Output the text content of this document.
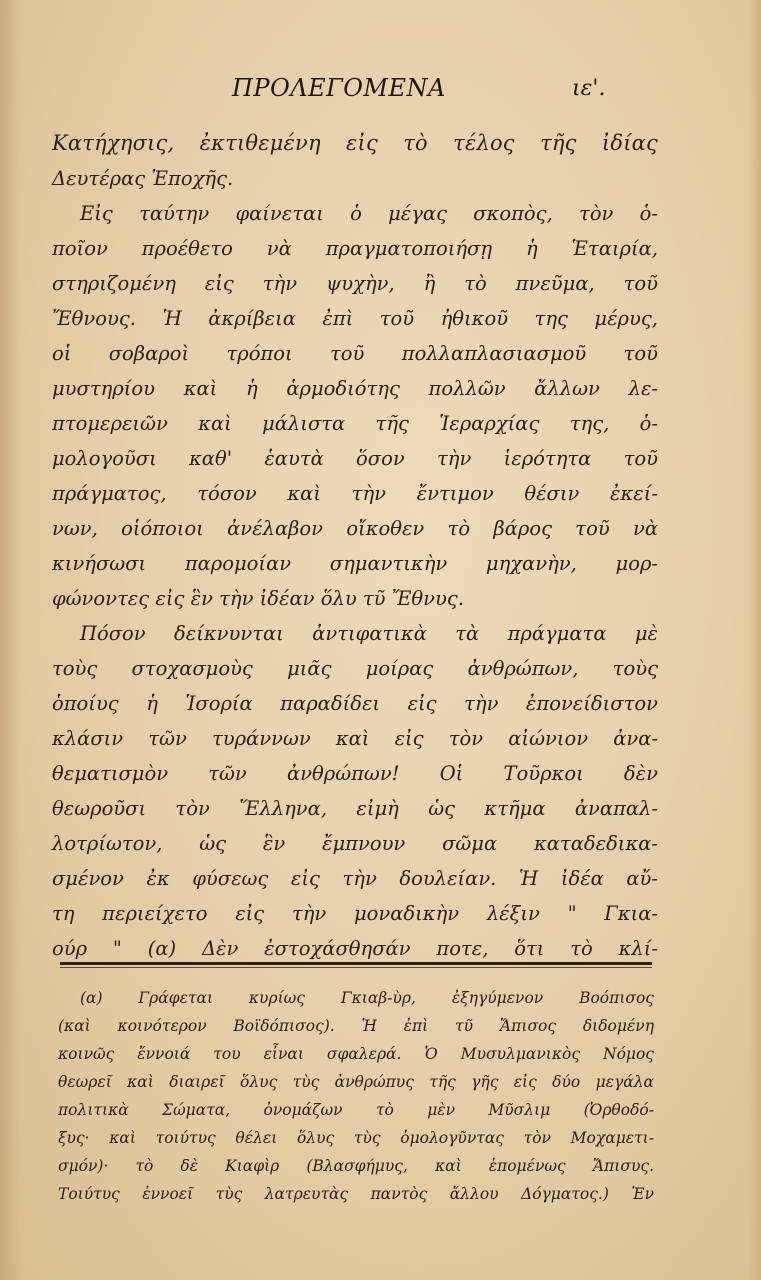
ΠΡΟΛΕΓΟΜΕΝΑ	ιε'.
Κατήχησις, ἐκτιθεμένη εἰς τὸ τέλος τῆς ἰδίας
Δευτέρας Ἐποχῆς.
Εἰς ταύτην φαίνεται ὁ μέγας σκοπὸς, τὸν ὁ-
ποῖον προέθετο νὰ πραγματοποιήσῃ ἡ Ἑταιρία,
στηριζομένη εἰς τὴν ψυχὴν, ἢ τὸ πνεῦμα, τοῦ
Ἔθνους. Ἡ ἀκρίβεια ἐπὶ τοῦ ἠθικοῦ της μέρυς,
οἱ σοβαροὶ τρόποι τοῦ πολλαπλασιασμοῦ τοῦ
μυστηρίου καὶ ἡ ἁρμοδιότης πολλῶν ἄλλων λε-
πτομερειῶν καὶ μάλιστα τῆς Ἱεραρχίας της, ὁ-
μολογοῦσι καθ' ἑαυτὰ ὅσον τὴν ἱερότητα τοῦ
πράγματος, τόσον καὶ τὴν ἔντιμον θέσιν ἐκεί-
νων, οἱόποιοι ἀνέλαβον οἴκοθεν τὸ βάρος τοῦ νὰ
κινήσωσι παρομοίαν σημαντικὴν μηχανὴν, μορ-
φώνοντες εἰς ἓν τὴν ἰδέαν ὅλυ τῦ Ἔθνυς.
Πόσον δείκνυνται ἀντιφατικὰ τὰ πράγματα μὲ
τοὺς στοχασμοὺς μιᾶς μοίρας ἀνθρώπων, τοὺς
ὁποίυς ἡ Ἱσορία παραδίδει εἰς τὴν ἐπονείδιστον
κλάσιν τῶν τυράννων καὶ εἰς τὸν αἰώνιον ἀνα-
θεματισμὸν τῶν ἀνθρώπων! Οἱ Τοῦρκοι δὲν
θεωροῦσι τὸν Ἕλληνα, εἰμὴ ὡς κτῆμα ἀναπαλ-
λοτρίωτον, ὡς ἓν ἔμπνουν σῶμα καταδεδικα-
σμένον ἐκ φύσεως εἰς τὴν δουλείαν. Ἡ ἰδέα αὔ-
τη περιείχετο εἰς τὴν μοναδικὴν λέξιν " Γκια-
ούρ " (α) Δὲν ἐστοχάσθησάν ποτε, ὅτι τὸ κλί-
(α) Γράφεται κυρίως Γκιαβ-ὺρ, ἐξηγύμενον Βοόπισος
(καὶ κοινότερον Βοϊδόπισος). Ἡ ἐπὶ τῦ Ἄπισος διδομένη
κοινῶς ἔννοιά του εἶναι σφαλερά. Ὁ Μυσυλμανικὸς Νόμος
θεωρεῖ καὶ διαιρεῖ ὅλυς τὺς ἀνθρώπυς τῆς γῆς εἰς δύο μεγάλα
πολιτικὰ Σώματα, ὀνομάζων τὸ μὲν Μῦσλιμ (Ὀρθοδό-
ξυς· καὶ τοιύτυς θέλει ὅλυς τὺς ὁμολογῦντας τὸν Μοχαμετι-
σμόν)· τὸ δὲ Κιαφὶρ (Βλασφήμυς, καὶ ἑπομένως Ἄπισυς.
Τοιύτυς ἐννοεῖ τὺς λατρευτὰς παντὸς ἄλλου Δόγματος.) Ἐν
